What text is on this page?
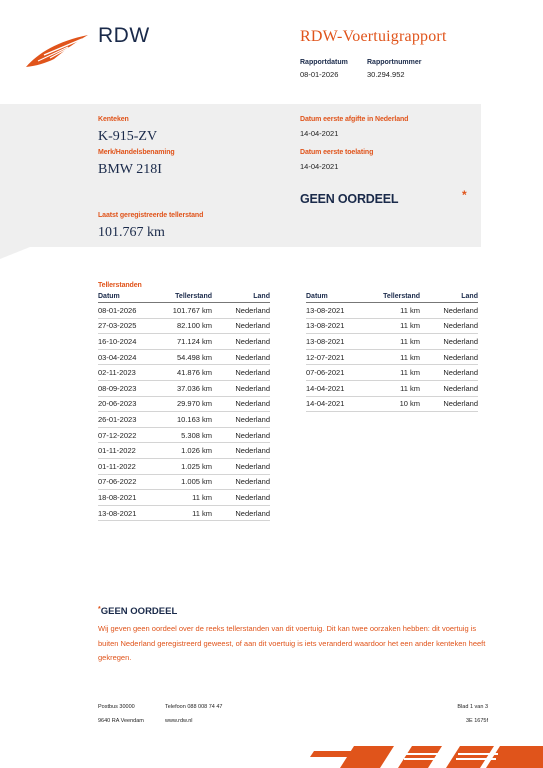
RDW	RDW-Voertuigrapport
Rapportdatum
08-01-2026
Rapportnummer
30.294.952
Kenteken
K-915-ZV
Merk/Handelsbenaming
BMW 218I
Datum eerste afgifte in Nederland
14-04-2021
Datum eerste toelating
14-04-2021
GEEN OORDEEL	*
Laatst geregistreerde tellerstand
101.767 km
Tellerstanden
Datum	Tellerstand	Land
08-01-2026	101.767 km	Nederland
27-03-2025	82.100 km	Nederland
16-10-2024	71.124 km	Nederland
03-04-2024	54.498 km	Nederland
02-11-2023	41.876 km	Nederland
08-09-2023	37.036 km	Nederland
20-06-2023	29.970 km	Nederland
26-01-2023	10.163 km	Nederland
07-12-2022	5.308 km	Nederland
01-11-2022	1.026 km	Nederland
01-11-2022	1.025 km	Nederland
07-06-2022	1.005 km	Nederland
18-08-2021	11 km	Nederland
13-08-2021	11 km	Nederland
Datum	Tellerstand	Land
13-08-2021	11 km	Nederland
13-08-2021	11 km	Nederland
13-08-2021	11 km	Nederland
12-07-2021	11 km	Nederland
07-06-2021	11 km	Nederland
14-04-2021	11 km	Nederland
14-04-2021	10 km	Nederland
*GEEN OORDEEL
Wij geven geen oordeel over de reeks tellerstanden van dit voertuig. Dit kan twee oorzaken hebben: dit voertuig is buiten Nederland geregistreerd geweest, of aan dit voertuig is iets veranderd waardoor het een ander kenteken heeft gekregen.
Postbus 30000
9640 RA Veendam
Telefoon 088 008 74 47
www.rdw.nl
Blad 1 van 3
3E 1675f
